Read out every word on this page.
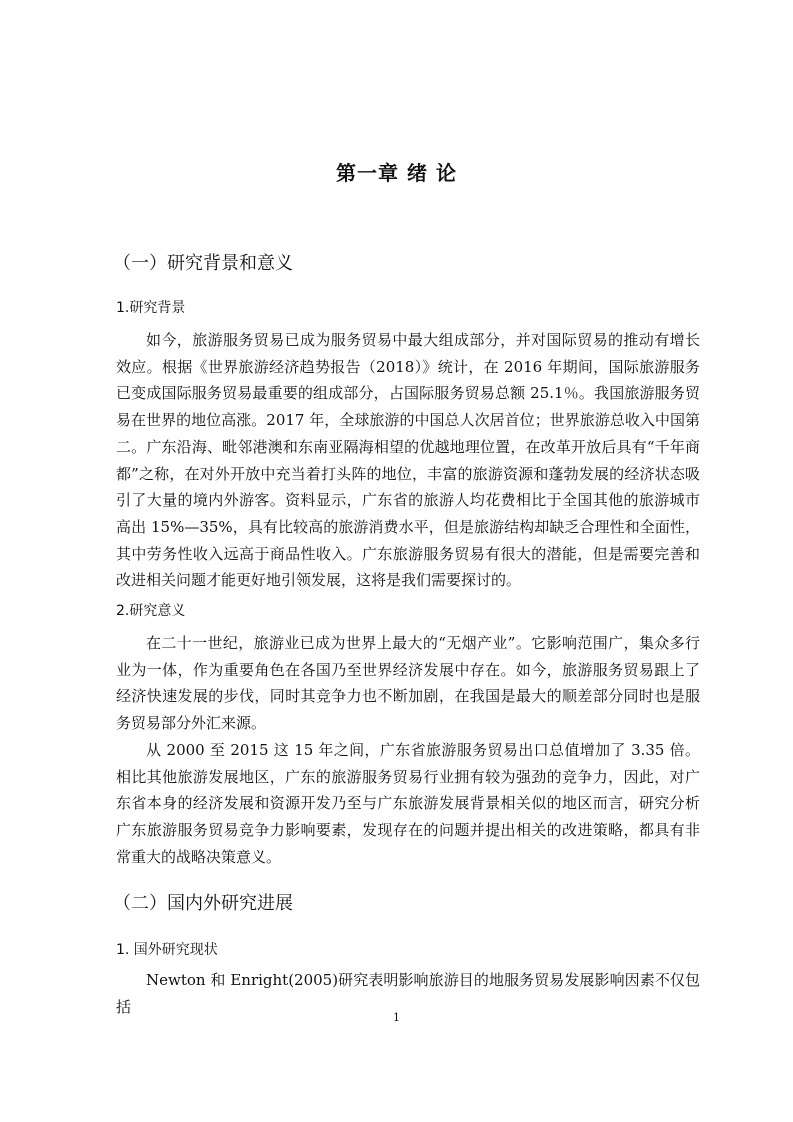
第一章 绪 论
（一）研究背景和意义
1.研究背景

如今，旅游服务贸易已成为服务贸易中最大组成部分，并对国际贸易的推动有增长效应。根据《世界旅游经济趋势报告（2018）》统计，在 2016 年期间，国际旅游服务已变成国际服务贸易最重要的组成部分，占国际服务贸易总额 25.1％。我国旅游服务贸易在世界的地位高涨。2017 年，全球旅游的中国总人次居首位；世界旅游总收入中国第二。广东沿海、毗邻港澳和东南亚隔海相望的优越地理位置，在改革开放后具有“千年商都”之称，在对外开放中充当着打头阵的地位，丰富的旅游资源和蓬勃发展的经济状态吸引了大量的境内外游客。资料显示，广东省的旅游人均花费相比于全国其他的旅游城市高出 15%—35%，具有比较高的旅游消费水平，但是旅游结构却缺乏合理性和全面性，其中劳务性收入远高于商品性收入。广东旅游服务贸易有很大的潜能，但是需要完善和改进相关问题才能更好地引领发展，这将是我们需要探讨的。

2.研究意义

在二十一世纪，旅游业已成为世界上最大的“无烟产业”。它影响范围广，集众多行业为一体，作为重要角色在各国乃至世界经济发展中存在。如今，旅游服务贸易跟上了经济快速发展的步伐，同时其竞争力也不断加剧，在我国是最大的顺差部分同时也是服务贸易部分外汇来源。

从 2000 至 2015 这 15 年之间，广东省旅游服务贸易出口总值增加了 3.35 倍。相比其他旅游发展地区，广东的旅游服务贸易行业拥有较为强劲的竞争力，因此，对广东省本身的经济发展和资源开发乃至与广东旅游发展背景相关似的地区而言，研究分析广东旅游服务贸易竞争力影响要素，发现存在的问题并提出相关的改进策略，都具有非常重大的战略决策意义。

（二）国内外研究进展
1. 国外研究现状

Newton 和 Enright(2005)研究表明影响旅游目的地服务贸易发展影响因素不仅包括

1
